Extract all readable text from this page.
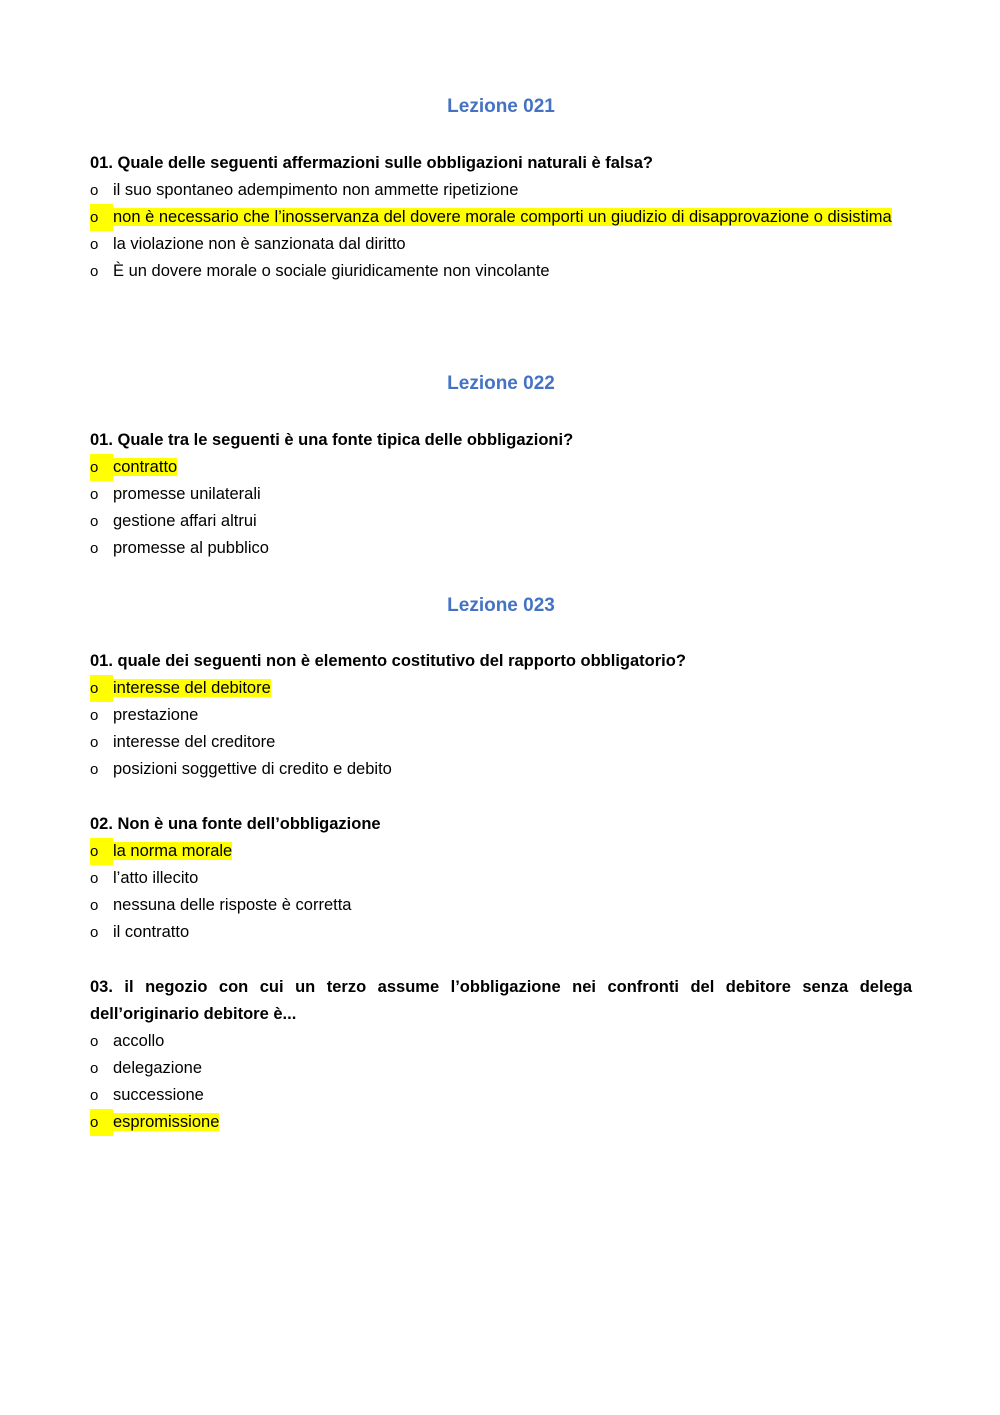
Lezione 021

01. Quale delle seguenti affermazioni sulle obbligazioni naturali è falsa?

o il suo spontaneo adempimento non ammette ripetizione
o non è necessario che l’inosservanza del dovere morale comporti un giudizio di disapprovazione o disistima
o la violazione non è sanzionata dal diritto
o È un dovere morale o sociale giuridicamente non vincolante
Lezione 022

01. Quale tra le seguenti è una fonte tipica delle obbligazioni?

o contratto
o promesse unilaterali
o gestione affari altrui
o promesse al pubblico
Lezione 023

01. quale dei seguenti non è elemento costitutivo del rapporto obbligatorio?

o interesse del debitore
o prestazione
o interesse del creditore
o posizioni soggettive di credito e debito

02. Non è una fonte dell’obbligazione

o la norma morale
o l’atto illecito
o nessuna delle risposte è corretta
o il contratto

03. il negozio con cui un terzo assume l’obbligazione nei confronti del debitore senza delega dell’originario debitore è...

o accollo
o delegazione
o successione
o espromissione
